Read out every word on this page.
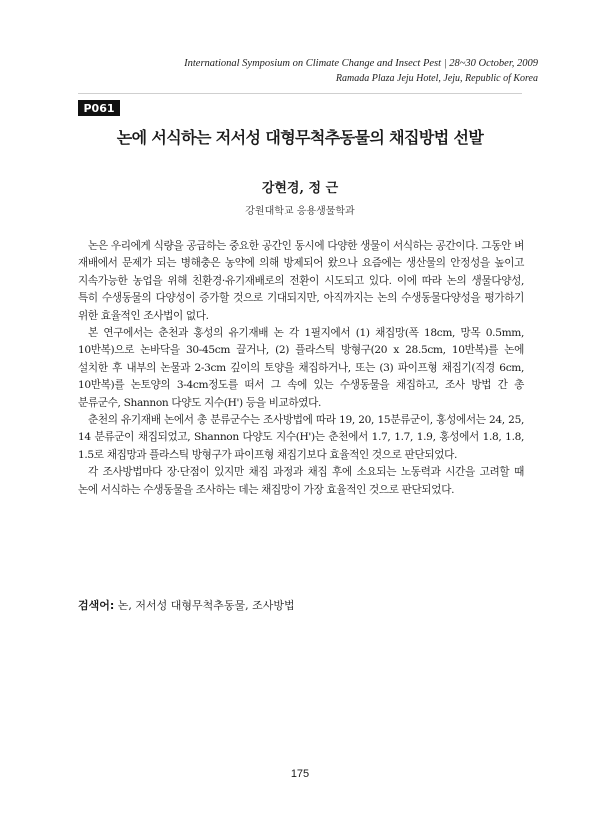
International Symposium on Climate Change and Insect Pest | 28~30 October, 2009
Ramada Plaza Jeju Hotel, Jeju, Republic of Korea
P061
논에 서식하는 저서성 대형무척추동물의 채집방법 선발
강현경, 정 근
강원대학교 응용생물학과

논은 우리에게 식량을 공급하는 중요한 공간인 동시에 다양한 생물이 서식하는 공간이다. 그동안 벼 재배에서 문제가 되는 병해충은 농약에 의해 방제되어 왔으나 요즘에는 생산물의 안정성을 높이고 지속가능한 농업을 위해 친환경·유기재배로의 전환이 시도되고 있다. 이에 따라 논의 생물다양성, 특히 수생동물의 다양성이 증가할 것으로 기대되지만, 아직까지는 논의 수생동물다양성을 평가하기 위한 효율적인 조사법이 없다.

본 연구에서는 춘천과 홍성의 유기재배 논 각 1필지에서 (1) 채집망(폭 18cm, 망목 0.5mm, 10반복)으로 논바닥을 30-45cm 끌거나, (2) 플라스틱 방형구(20 x 28.5cm, 10반복)를 논에 설치한 후 내부의 논물과 2-3cm 깊이의 토양을 채집하거나, 또는 (3) 파이프형 채집기(직경 6cm, 10반복)를 논토양의 3-4cm정도를 떠서 그 속에 있는 수생동물을 채집하고, 조사 방법 간 총 분류군수, Shannon 다양도 지수(H') 등을 비교하였다.

춘천의 유기재배 논에서 총 분류군수는 조사방법에 따라 19, 20, 15분류군이, 홍성에서는 24, 25, 14 분류군이 채집되었고, Shannon 다양도 지수(H')는 춘천에서 1.7, 1.7, 1.9, 홍성에서 1.8, 1.8, 1.5로 채집망과 플라스틱 방형구가 파이프형 채집기보다 효율적인 것으로 판단되었다.

각 조사방법마다 장·단점이 있지만 채집 과정과 채집 후에 소요되는 노동력과 시간을 고려할 때 논에 서식하는 수생동물을 조사하는 데는 채집망이 가장 효율적인 것으로 판단되었다.

검색어: 논, 저서성 대형무척추동물, 조사방법
175
